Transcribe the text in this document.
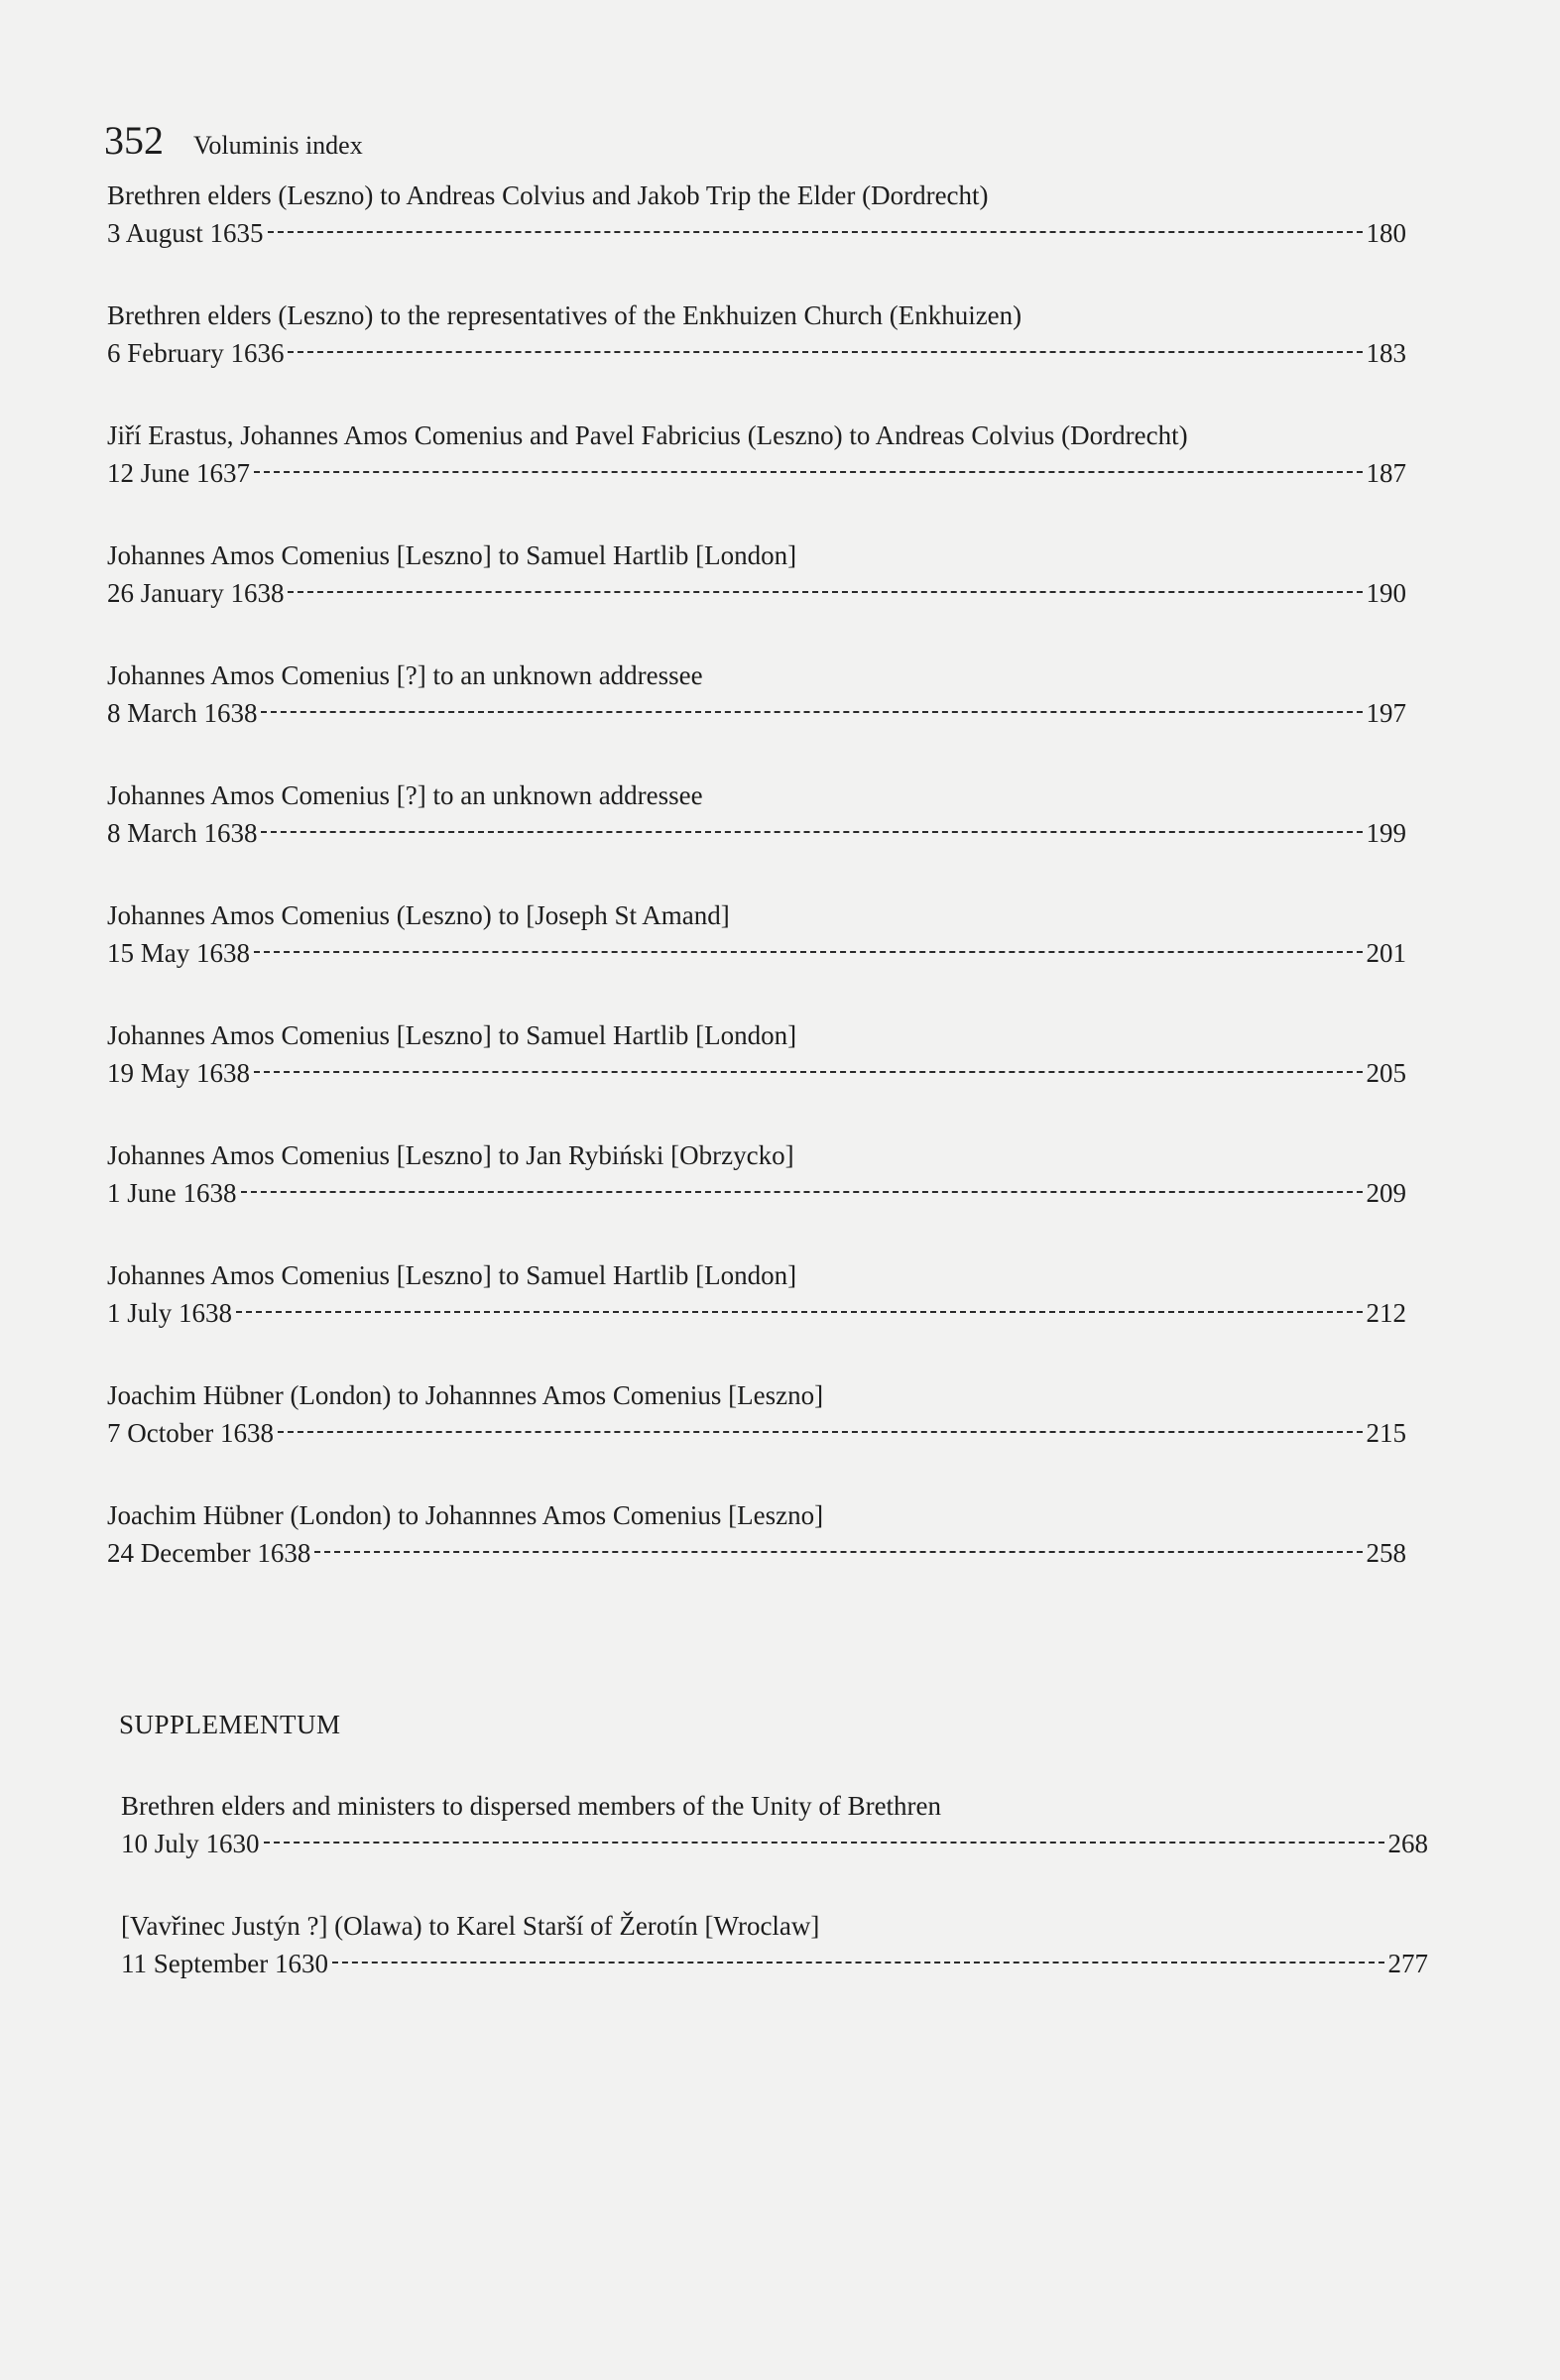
352 Voluminis index
Brethren elders (Leszno) to Andreas Colvius and Jakob Trip the Elder (Dordrecht)
3 August 1635	180
Brethren elders (Leszno) to the representatives of the Enkhuizen Church (Enkhuizen)
6 February 1636	183
Jiří Erastus, Johannes Amos Comenius and Pavel Fabricius (Leszno) to Andreas Colvius (Dordrecht)
12 June 1637	187
Johannes Amos Comenius [Leszno] to Samuel Hartlib [London]
26 January 1638	190
Johannes Amos Comenius [?] to an unknown addressee
8 March 1638	197
Johannes Amos Comenius [?] to an unknown addressee
8 March 1638	199
Johannes Amos Comenius (Leszno) to [Joseph St Amand]
15 May 1638	201
Johannes Amos Comenius [Leszno] to Samuel Hartlib [London]
19 May 1638	205
Johannes Amos Comenius [Leszno] to Jan Rybiński [Obrzycko]
1 June 1638	209
Johannes Amos Comenius [Leszno] to Samuel Hartlib [London]
1 July 1638	212
Joachim Hübner (London) to Johannnes Amos Comenius [Leszno]
7 October 1638	215
Joachim Hübner (London) to Johannnes Amos Comenius [Leszno]
24 December 1638	258
SUPPLEMENTUM
Brethren elders and ministers to dispersed members of the Unity of Brethren
10 July 1630	268
[Vavřinec Justýn ?] (Olawa) to Karel Starší of Žerotín [Wroclaw]
11 September 1630	277
